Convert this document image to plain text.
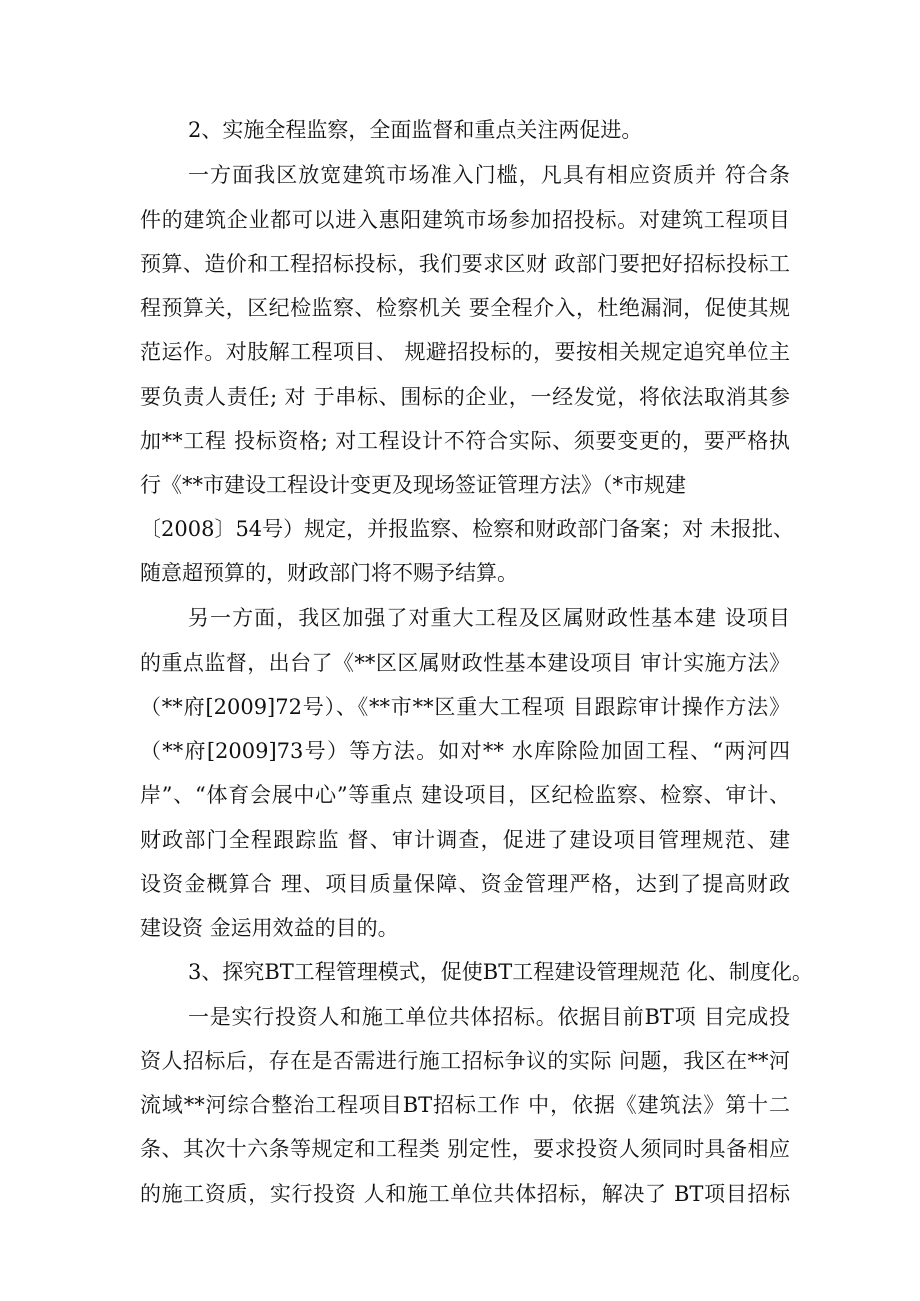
2、实施全程监察，全面监督和重点关注两促进。
一方面我区放宽建筑市场准入门槛，凡具有相应资质并 符合条
件的建筑企业都可以进入惠阳建筑市场参加招投标。对建筑工程项目
预算、造价和工程招标投标，我们要求区财 政部门要把好招标投标工
程预算关，区纪检监察、检察机关 要全程介入，杜绝漏洞，促使其规
范运作。对肢解工程项目、 规避招投标的，要按相关规定追究单位主
要负责人责任; 对 于串标、围标的企业，一经发觉，将依法取消其参
加**工程 投标资格; 对工程设计不符合实际、须要变更的，要严格执
行《**市建设工程设计变更及现场签证管理方法》（*市规建
〔2008〕54号）规定，并报监察、检察和财政部门备案；对 未报批、
随意超预算的，财政部门将不赐予结算。
另一方面，我区加强了对重大工程及区属财政性基本建 设项目
的重点监督，出台了《**区区属财政性基本建设项目 审计实施方法》
（**府[2009]72号）、《**市**区重大工程项 目跟踪审计操作方法》
（**府[2009]73号）等方法。如对** 水库除险加固工程、“两河四
岸”、“体育会展中心”等重点 建设项目，区纪检监察、检察、审计、
财政部门全程跟踪监 督、审计调查，促进了建设项目管理规范、建
设资金概算合 理、项目质量保障、资金管理严格，达到了提高财政
建设资 金运用效益的目的。
3、探究BT工程管理模式，促使BT工程建设管理规范 化、制度化。
一是实行投资人和施工单位共体招标。依据目前BT项 目完成投
资人招标后，存在是否需进行施工招标争议的实际 问题，我区在**河
流域**河综合整治工程项目BT招标工作 中，依据《建筑法》第十二
条、其次十六条等规定和工程类 别定性，要求投资人须同时具备相应
的施工资质，实行投资 人和施工单位共体招标，解决了 BT项目招标
